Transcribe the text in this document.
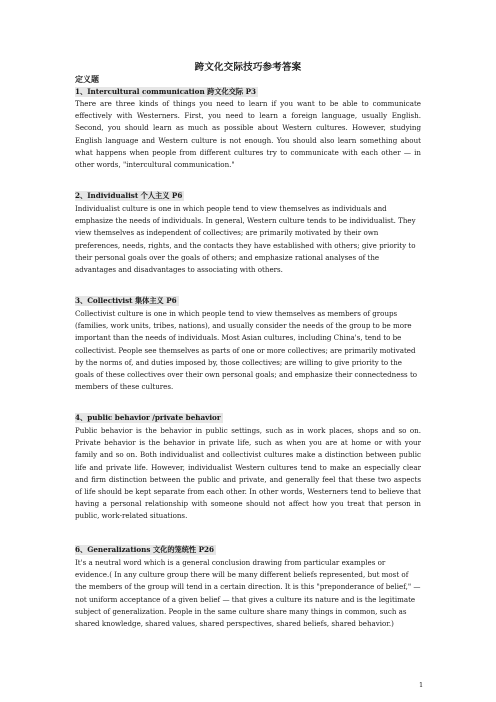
跨文化交际技巧参考答案
定义题
1、Intercultural communication 跨文化交际 P3

There are three kinds of things you need to learn if you want to be able to communicate effectively with Westerners. First, you need to learn a foreign language, usually English. Second, you should learn as much as possible about Western cultures. However, studying English language and Western culture is not enough. You should also learn something about what happens when people from different cultures try to communicate with each other — in other words, "intercultural communication."

2、Individualist 个人主义 P6

Individualist culture is one in which people tend to view themselves as individuals and emphasize the needs of individuals. In general, Western culture tends to be individualist. They view themselves as independent of collectives; are primarily motivated by their own preferences, needs, rights, and the contacts they have established with others; give priority to their personal goals over the goals of others; and emphasize rational analyses of the advantages and disadvantages to associating with others.

3、Collectivist 集体主义 P6

Collectivist culture is one in which people tend to view themselves as members of groups (families, work units, tribes, nations), and usually consider the needs of the group to be more important than the needs of individuals. Most Asian cultures, including China's, tend to be collectivist. People see themselves as parts of one or more collectives; are primarily motivated by the norms of, and duties imposed by, those collectives; are willing to give priority to the goals of these collectives over their own personal goals; and emphasize their connectedness to members of these cultures.

4、public behavior /private behavior

Public behavior is the behavior in public settings, such as in work places, shops and so on. Private behavior is the behavior in private life, such as when you are at home or with your family and so on. Both individualist and collectivist cultures make a distinction between public life and private life. However, individualist Western cultures tend to make an especially clear and firm distinction between the public and private, and generally feel that these two aspects of life should be kept separate from each other. In other words, Westerners tend to believe that having a personal relationship with someone should not affect how you treat that person in public, work-related situations.

6、Generalizations 文化的笼统性 P26

It's a neutral word which is a general conclusion drawing from particular examples or evidence.( In any culture group there will be many different beliefs represented, but most of the members of the group will tend in a certain direction. It is this "preponderance of belief," — not uniform acceptance of a given belief — that gives a culture its nature and is the legitimate subject of generalization. People in the same culture share many things in common, such as shared knowledge, shared values, shared perspectives, shared beliefs, shared behavior.)

1
